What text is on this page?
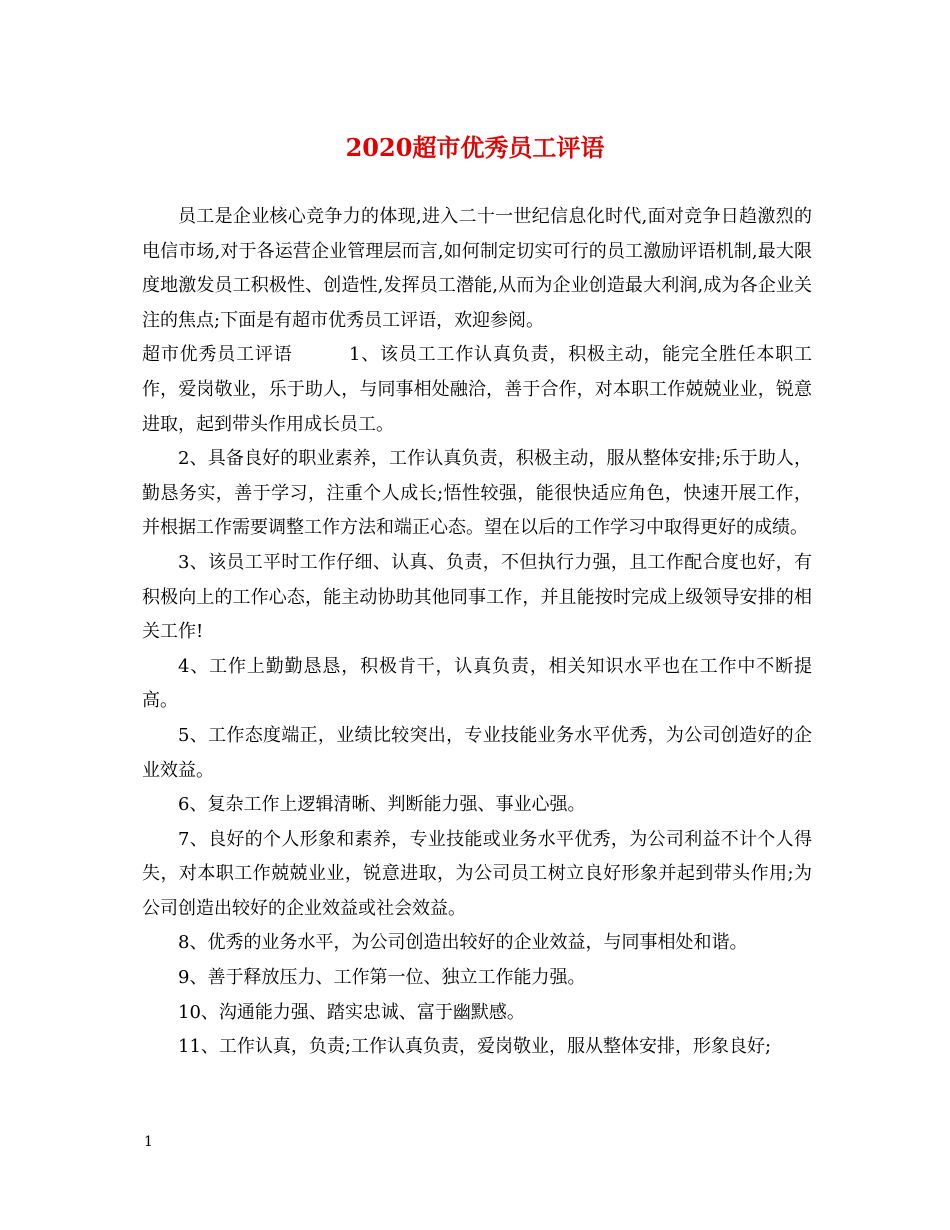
2020超市优秀员工评语

员工是企业核心竞争力的体现,进入二十一世纪信息化时代,面对竞争日趋激烈的电信市场,对于各运营企业管理层而言,如何制定切实可行的员工激励评语机制,最大限度地激发员工积极性、创造性,发挥员工潜能,从而为企业创造最大利润,成为各企业关注的焦点;下面是有超市优秀员工评语，欢迎参阅。

超市优秀员工评语　　　1、该员工工作认真负责，积极主动，能完全胜任本职工作，爱岗敬业，乐于助人，与同事相处融洽，善于合作，对本职工作兢兢业业，锐意进取，起到带头作用成长员工。

2、具备良好的职业素养，工作认真负责，积极主动，服从整体安排;乐于助人，勤恳务实，善于学习，注重个人成长;悟性较强，能很快适应角色，快速开展工作，并根据工作需要调整工作方法和端正心态。望在以后的工作学习中取得更好的成绩。

3、该员工平时工作仔细、认真、负责，不但执行力强，且工作配合度也好，有积极向上的工作心态，能主动协助其他同事工作，并且能按时完成上级领导安排的相关工作!

4、工作上勤勤恳恳，积极肯干，认真负责，相关知识水平也在工作中不断提高。

5、工作态度端正，业绩比较突出，专业技能业务水平优秀，为公司创造好的企业效益。

6、复杂工作上逻辑清晰、判断能力强、事业心强。

7、良好的个人形象和素养，专业技能或业务水平优秀，为公司利益不计个人得失，对本职工作兢兢业业，锐意进取，为公司员工树立良好形象并起到带头作用;为公司创造出较好的企业效益或社会效益。

8、优秀的业务水平，为公司创造出较好的企业效益，与同事相处和谐。

9、善于释放压力、工作第一位、独立工作能力强。

10、沟通能力强、踏实忠诚、富于幽默感。

11、工作认真，负责;工作认真负责，爱岗敬业，服从整体安排，形象良好;

1
